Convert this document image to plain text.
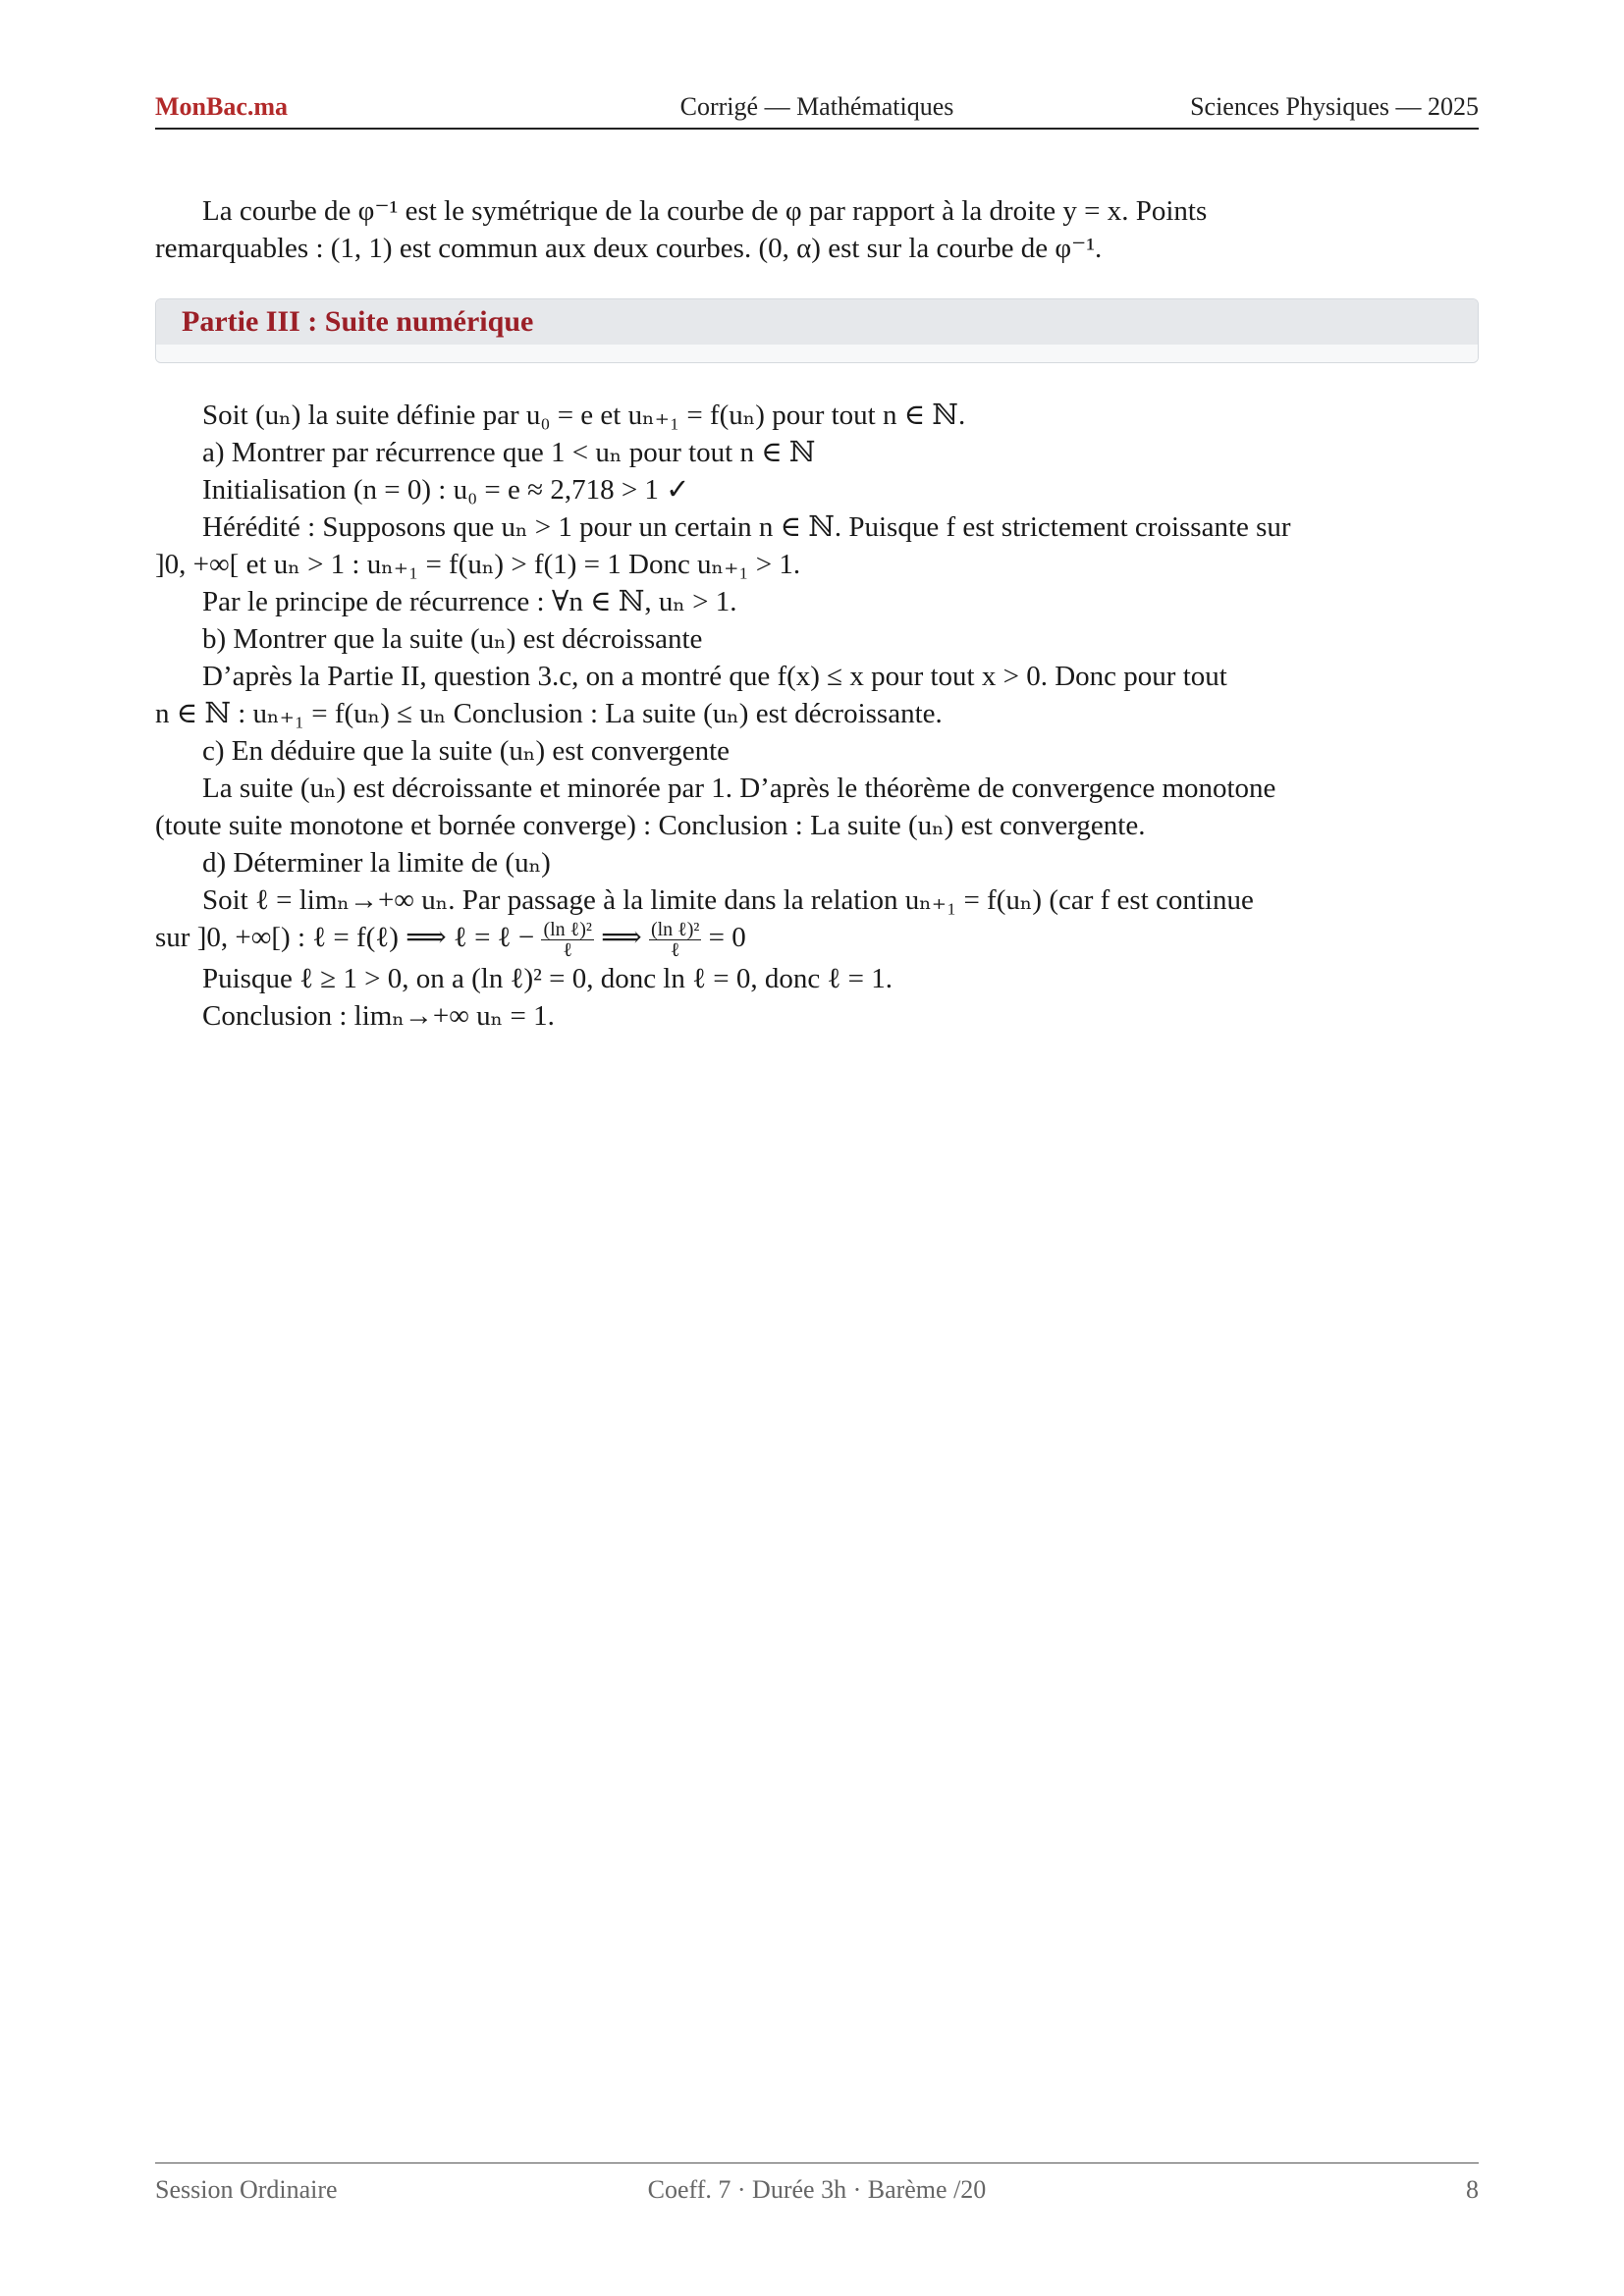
MonBac.ma	Corrigé — Mathématiques	Sciences Physiques — 2025

La courbe de φ⁻¹ est le symétrique de la courbe de φ par rapport à la droite y = x. Points
remarquables : (1, 1) est commun aux deux courbes. (0, α) est sur la courbe de φ⁻¹.

Partie III : Suite numérique

Soit (uₙ) la suite définie par u₀ = e et uₙ₊₁ = f(uₙ) pour tout n ∈ ℕ.

a) Montrer par récurrence que 1 < uₙ pour tout n ∈ ℕ

Initialisation (n = 0) : u₀ = e ≈ 2,718 > 1 ✓

Hérédité : Supposons que uₙ > 1 pour un certain n ∈ ℕ. Puisque f est strictement croissante sur

]0, +∞[ et uₙ > 1 : uₙ₊₁ = f(uₙ) > f(1) = 1 Donc uₙ₊₁ > 1.

Par le principe de récurrence : ∀n ∈ ℕ, uₙ > 1.

b) Montrer que la suite (uₙ) est décroissante

D’après la Partie II, question 3.c, on a montré que f(x) ≤ x pour tout x > 0. Donc pour tout

n ∈ ℕ : uₙ₊₁ = f(uₙ) ≤ uₙ Conclusion : La suite (uₙ) est décroissante.

c) En déduire que la suite (uₙ) est convergente

La suite (uₙ) est décroissante et minorée par 1. D’après le théorème de convergence monotone

(toute suite monotone et bornée converge) : Conclusion : La suite (uₙ) est convergente.

d) Déterminer la limite de (uₙ)

Soit ℓ = limₙ→+∞ uₙ. Par passage à la limite dans la relation uₙ₊₁ = f(uₙ) (car f est continue

sur ]0, +∞[) : ℓ = f(ℓ) ⟹ ℓ = ℓ − $\frac{\text{(ln ℓ)²}}{\text{ℓ}}$ ⟹ $\frac{\text{(ln ℓ)²}}{\text{ℓ}} = 0$

Puisque ℓ ≥ 1 > 0, on a (ln ℓ)² = 0, donc ln ℓ = 0, donc ℓ = 1.

Conclusion : limₙ→+∞ uₙ = 1.

Session Ordinaire	Coeff. 7 · Durée 3h · Barème /20	8
